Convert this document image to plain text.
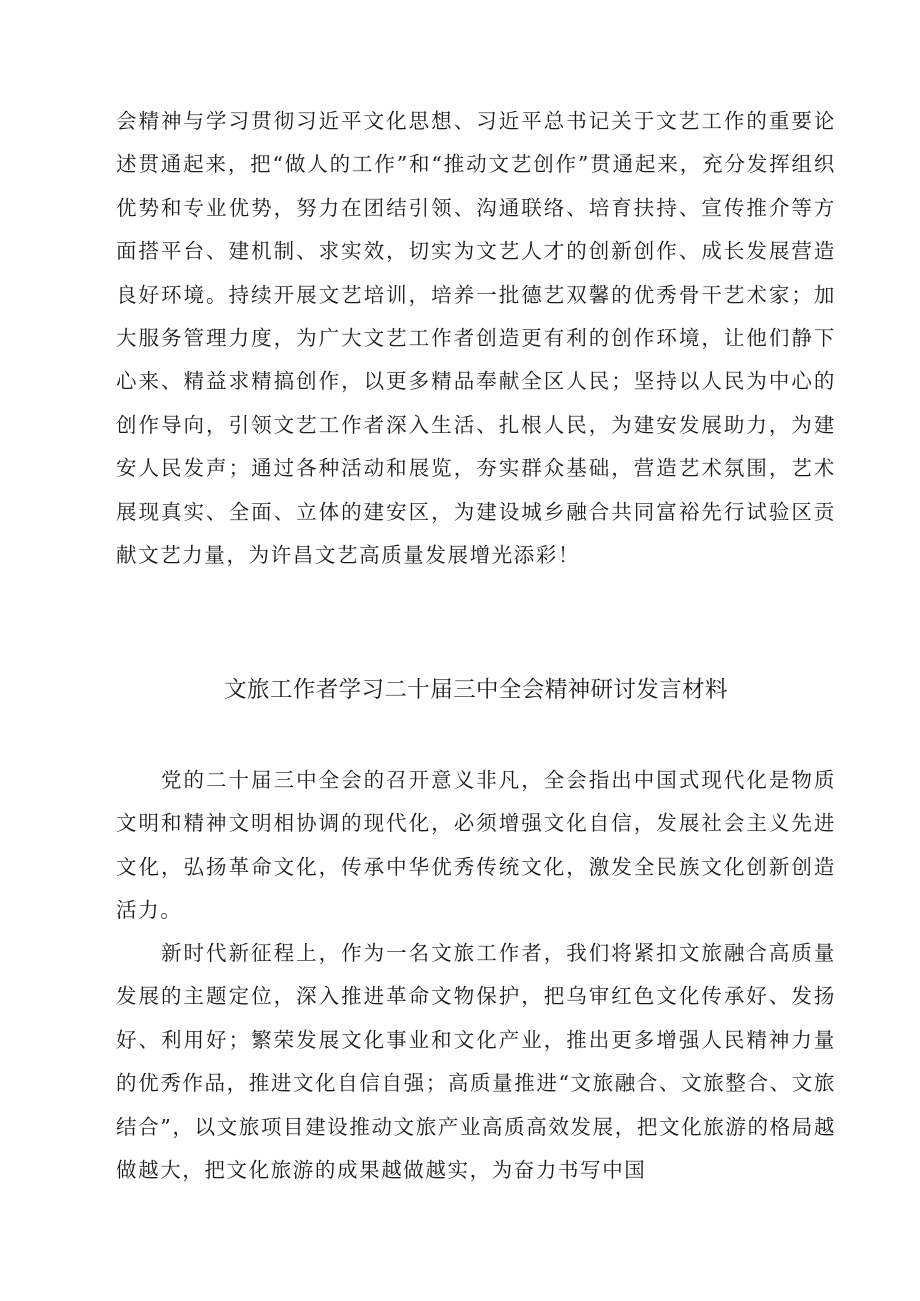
会精神与学习贯彻习近平文化思想、习近平总书记关于文艺工作的重要论述贯通起来，把“做人的工作”和“推动文艺创作”贯通起来，充分发挥组织优势和专业优势，努力在团结引领、沟通联络、培育扶持、宣传推介等方面搭平台、建机制、求实效，切实为文艺人才的创新创作、成长发展营造良好环境。持续开展文艺培训，培养一批德艺双馨的优秀骨干艺术家；加大服务管理力度，为广大文艺工作者创造更有利的创作环境，让他们静下心来、精益求精搞创作，以更多精品奉献全区人民；坚持以人民为中心的创作导向，引领文艺工作者深入生活、扎根人民，为建安发展助力，为建安人民发声；通过各种活动和展览，夯实群众基础，营造艺术氛围，艺术展现真实、全面、立体的建安区，为建设城乡融合共同富裕先行试验区贡献文艺力量，为许昌文艺高质量发展增光添彩！

文旅工作者学习二十届三中全会精神研讨发言材料

党的二十届三中全会的召开意义非凡，全会指出中国式现代化是物质文明和精神文明相协调的现代化，必须增强文化自信，发展社会主义先进文化，弘扬革命文化，传承中华优秀传统文化，激发全民族文化创新创造活力。

新时代新征程上，作为一名文旅工作者，我们将紧扣文旅融合高质量发展的主题定位，深入推进革命文物保护，把乌审红色文化传承好、发扬好、利用好；繁荣发展文化事业和文化产业，推出更多增强人民精神力量的优秀作品，推进文化自信自强；高质量推进“文旅融合、文旅整合、文旅结合”，以文旅项目建设推动文旅产业高质高效发展，把文化旅游的格局越做越大，把文化旅游的成果越做越实，为奋力书写中国
